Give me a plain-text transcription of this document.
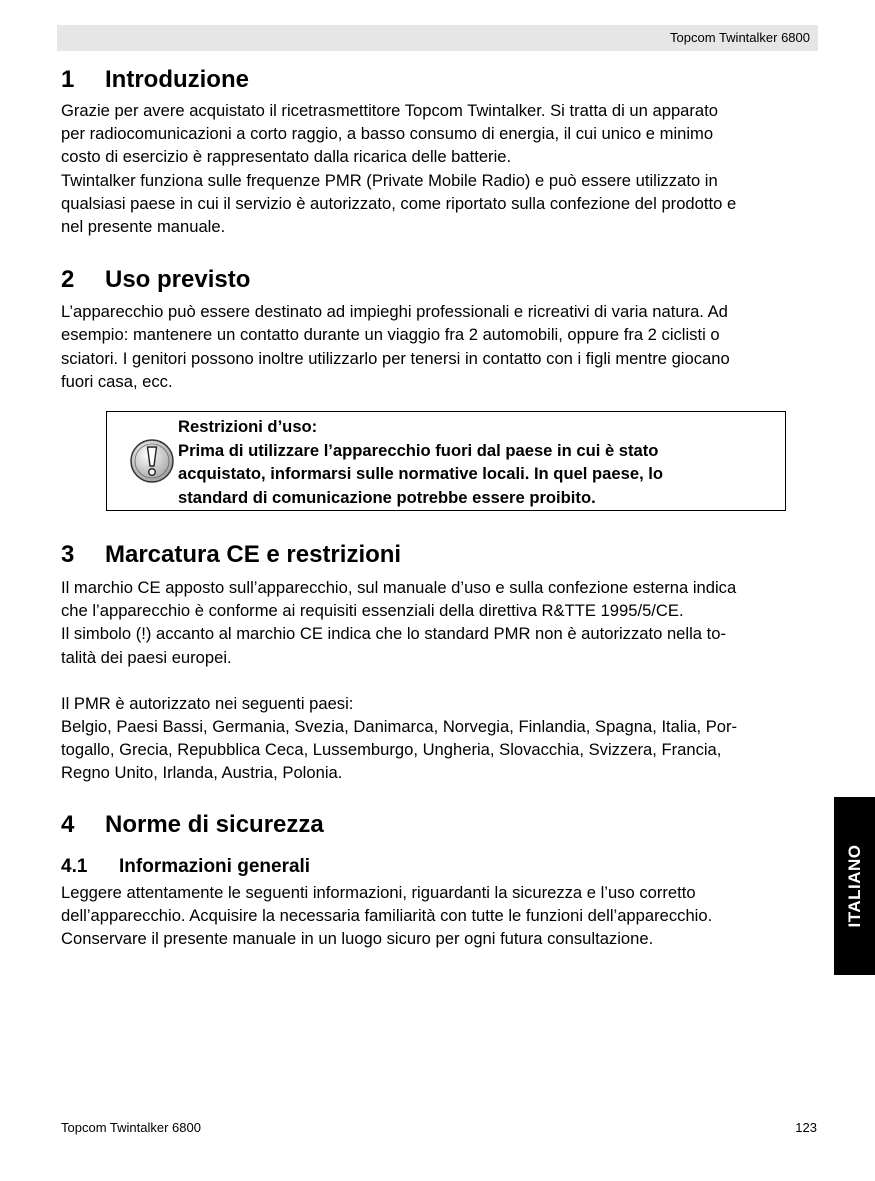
Topcom Twintalker 6800
1 Introduzione

Grazie per avere acquistato il ricetrasmettitore Topcom Twintalker. Si tratta di un apparato
per radiocomunicazioni a corto raggio, a basso consumo di energia, il cui unico e minimo
costo di esercizio è rappresentato dalla ricarica delle batterie.
Twintalker funziona sulle frequenze PMR (Private Mobile Radio) e può essere utilizzato in
qualsiasi paese in cui il servizio è autorizzato, come riportato sulla confezione del prodotto e
nel presente manuale.

2 Uso previsto

L’apparecchio può essere destinato ad impieghi professionali e ricreativi di varia natura. Ad
esempio: mantenere un contatto durante un viaggio fra 2 automobili, oppure fra 2 ciclisti o
sciatori. I genitori possono inoltre utilizzarlo per tenersi in contatto con i figli mentre giocano
fuori casa, ecc.

Restrizioni d’uso:
Prima di utilizzare l’apparecchio fuori dal paese in cui è stato
acquistato, informarsi sulle normative locali. In quel paese, lo
standard di comunicazione potrebbe essere proibito.
3 Marcatura CE e restrizioni

Il marchio CE apposto sull’apparecchio, sul manuale d’uso e sulla confezione esterna indica
che l’apparecchio è conforme ai requisiti essenziali della direttiva R&TTE 1995/5/CE.
Il simbolo (!) accanto al marchio CE indica che lo standard PMR non è autorizzato nella to-
talità dei paesi europei.

Il PMR è autorizzato nei seguenti paesi:
Belgio, Paesi Bassi, Germania, Svezia, Danimarca, Norvegia, Finlandia, Spagna, Italia, Por-
togallo, Grecia, Repubblica Ceca, Lussemburgo, Ungheria, Slovacchia, Svizzera, Francia,
Regno Unito, Irlanda, Austria, Polonia.

4 Norme di sicurezza
4.1 Informazioni generali

Leggere attentamente le seguenti informazioni, riguardanti la sicurezza e l’uso corretto
dell’apparecchio. Acquisire la necessaria familiarità con tutte le funzioni dell’apparecchio.
Conservare il presente manuale in un luogo sicuro per ogni futura consultazione.

ITALIANO
Topcom Twintalker 6800	123
